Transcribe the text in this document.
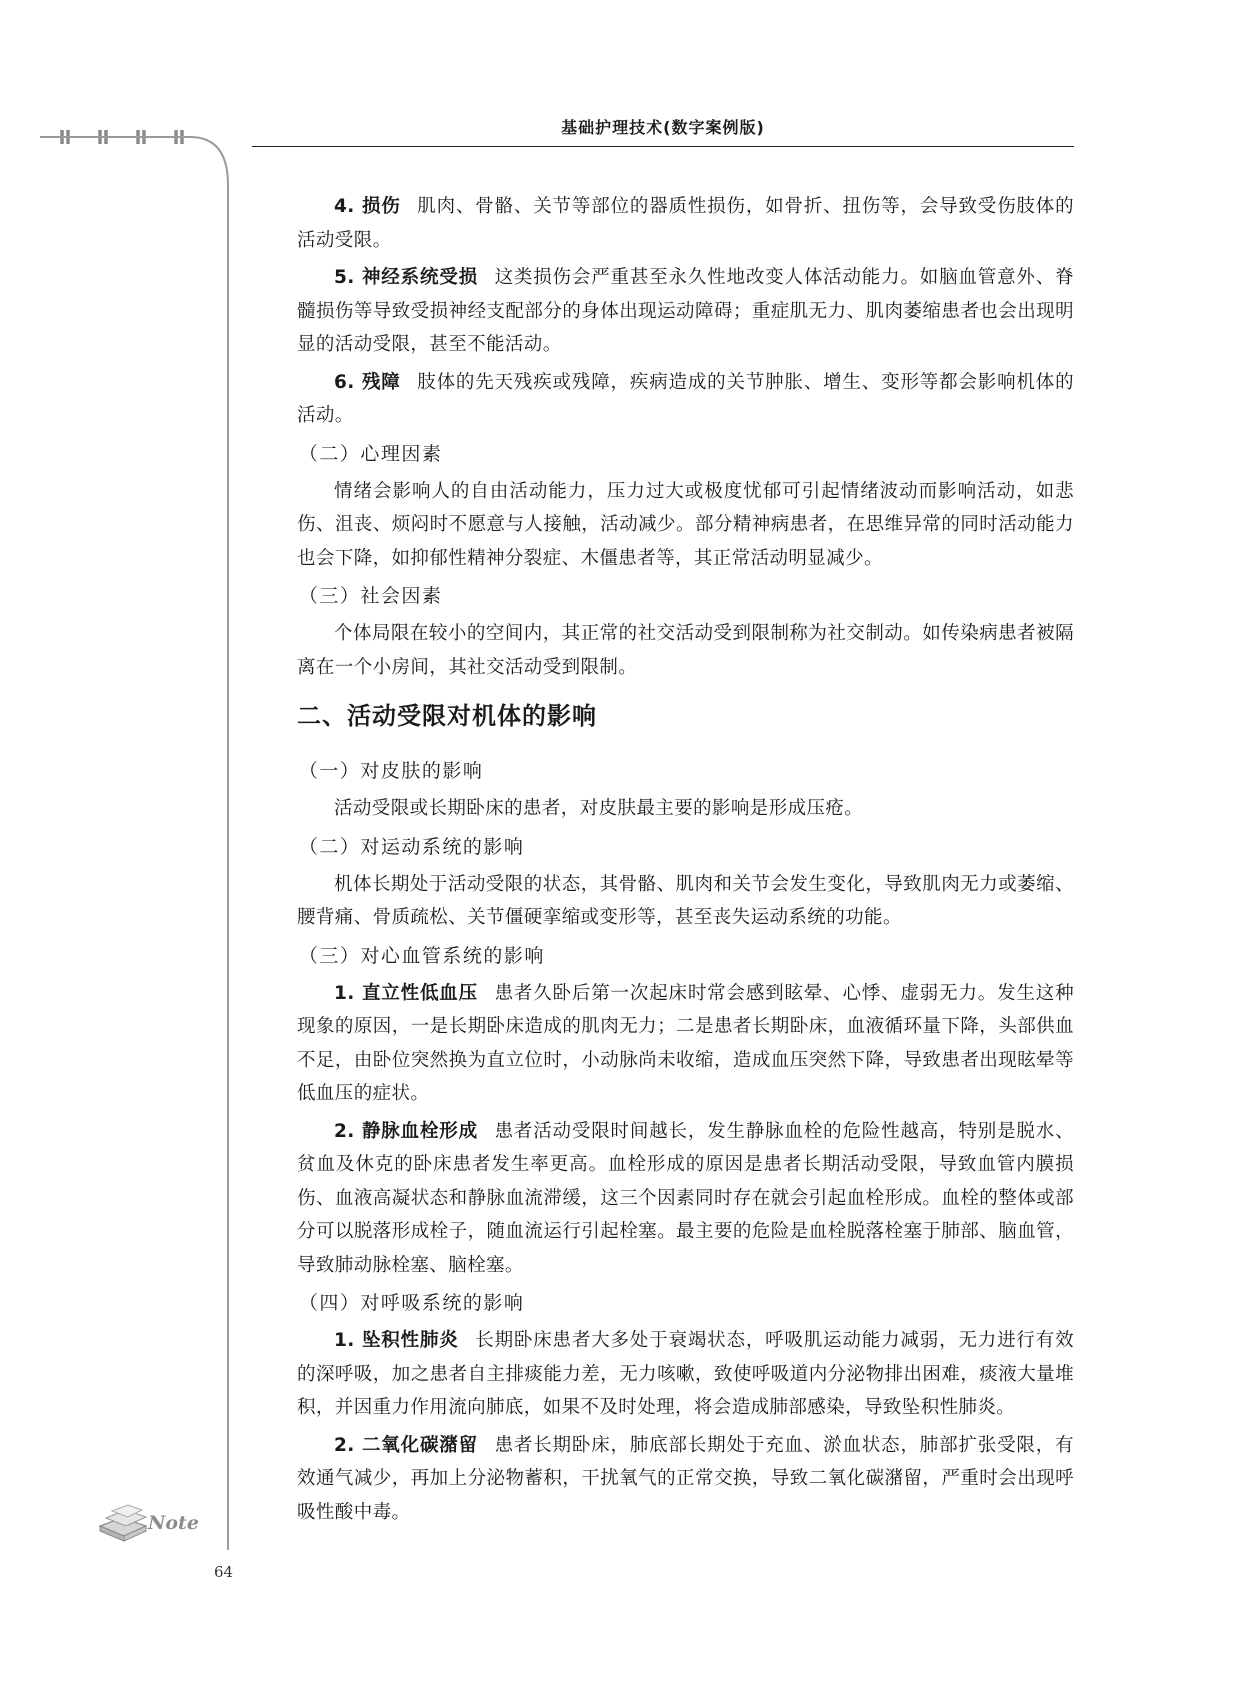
基础护理技术(数字案例版)

4. 损伤 肌肉、骨骼、关节等部位的器质性损伤，如骨折、扭伤等，会导致受伤肢体的活动受限。

5. 神经系统受损 这类损伤会严重甚至永久性地改变人体活动能力。如脑血管意外、脊髓损伤等导致受损神经支配部分的身体出现运动障碍；重症肌无力、肌肉萎缩患者也会出现明显的活动受限，甚至不能活动。

6. 残障 肢体的先天残疾或残障，疾病造成的关节肿胀、增生、变形等都会影响机体的活动。

（二）心理因素

情绪会影响人的自由活动能力，压力过大或极度忧郁可引起情绪波动而影响活动，如悲伤、沮丧、烦闷时不愿意与人接触，活动减少。部分精神病患者，在思维异常的同时活动能力也会下降，如抑郁性精神分裂症、木僵患者等，其正常活动明显减少。

（三）社会因素

个体局限在较小的空间内，其正常的社交活动受到限制称为社交制动。如传染病患者被隔离在一个小房间，其社交活动受到限制。

二、活动受限对机体的影响
（一）对皮肤的影响

活动受限或长期卧床的患者，对皮肤最主要的影响是形成压疮。

（二）对运动系统的影响

机体长期处于活动受限的状态，其骨骼、肌肉和关节会发生变化，导致肌肉无力或萎缩、腰背痛、骨质疏松、关节僵硬挛缩或变形等，甚至丧失运动系统的功能。

（三）对心血管系统的影响

1. 直立性低血压 患者久卧后第一次起床时常会感到眩晕、心悸、虚弱无力。发生这种现象的原因，一是长期卧床造成的肌肉无力；二是患者长期卧床，血液循环量下降，头部供血不足，由卧位突然换为直立位时，小动脉尚未收缩，造成血压突然下降，导致患者出现眩晕等低血压的症状。

2. 静脉血栓形成 患者活动受限时间越长，发生静脉血栓的危险性越高，特别是脱水、贫血及休克的卧床患者发生率更高。血栓形成的原因是患者长期活动受限，导致血管内膜损伤、血液高凝状态和静脉血流滞缓，这三个因素同时存在就会引起血栓形成。血栓的整体或部分可以脱落形成栓子，随血流运行引起栓塞。最主要的危险是血栓脱落栓塞于肺部、脑血管，导致肺动脉栓塞、脑栓塞。

（四）对呼吸系统的影响

1. 坠积性肺炎 长期卧床患者大多处于衰竭状态，呼吸肌运动能力减弱，无力进行有效的深呼吸，加之患者自主排痰能力差，无力咳嗽，致使呼吸道内分泌物排出困难，痰液大量堆积，并因重力作用流向肺底，如果不及时处理，将会造成肺部感染，导致坠积性肺炎。

2. 二氧化碳潴留 患者长期卧床，肺底部长期处于充血、淤血状态，肺部扩张受限，有效通气减少，再加上分泌物蓄积，干扰氧气的正常交换，导致二氧化碳潴留，严重时会出现呼吸性酸中毒。

Note
64
